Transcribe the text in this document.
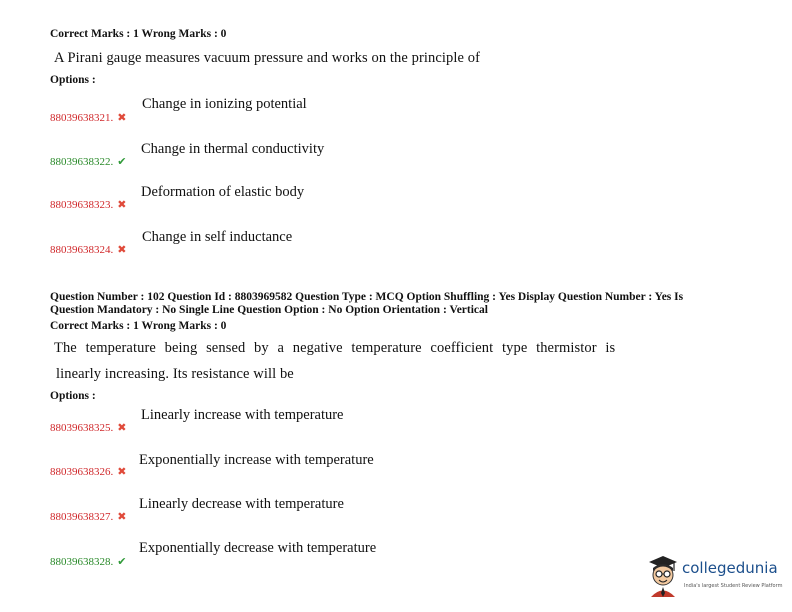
Correct Marks : 1 Wrong Marks : 0
A Pirani gauge measures vacuum pressure and works on the principle of
Options :
88039638321. ✖
Change in ionizing potential
88039638322. ✔
Change in thermal conductivity
88039638323. ✖
Deformation of elastic body
88039638324. ✖
Change in self inductance
Question Number : 102 Question Id : 8803969582 Question Type : MCQ Option Shuffling : Yes Display Question Number : Yes Is
Question Mandatory : No Single Line Question Option : No Option Orientation : Vertical
Correct Marks : 1 Wrong Marks : 0
The temperature being sensed by a negative temperature coefficient type thermistor is
linearly increasing. Its resistance will be
Options :
88039638325. ✖
Linearly increase with temperature
88039638326. ✖
Exponentially increase with temperature
88039638327. ✖
Linearly decrease with temperature
88039638328. ✔
Exponentially decrease with temperature
collegedunia
India's largest Student Review Platform
